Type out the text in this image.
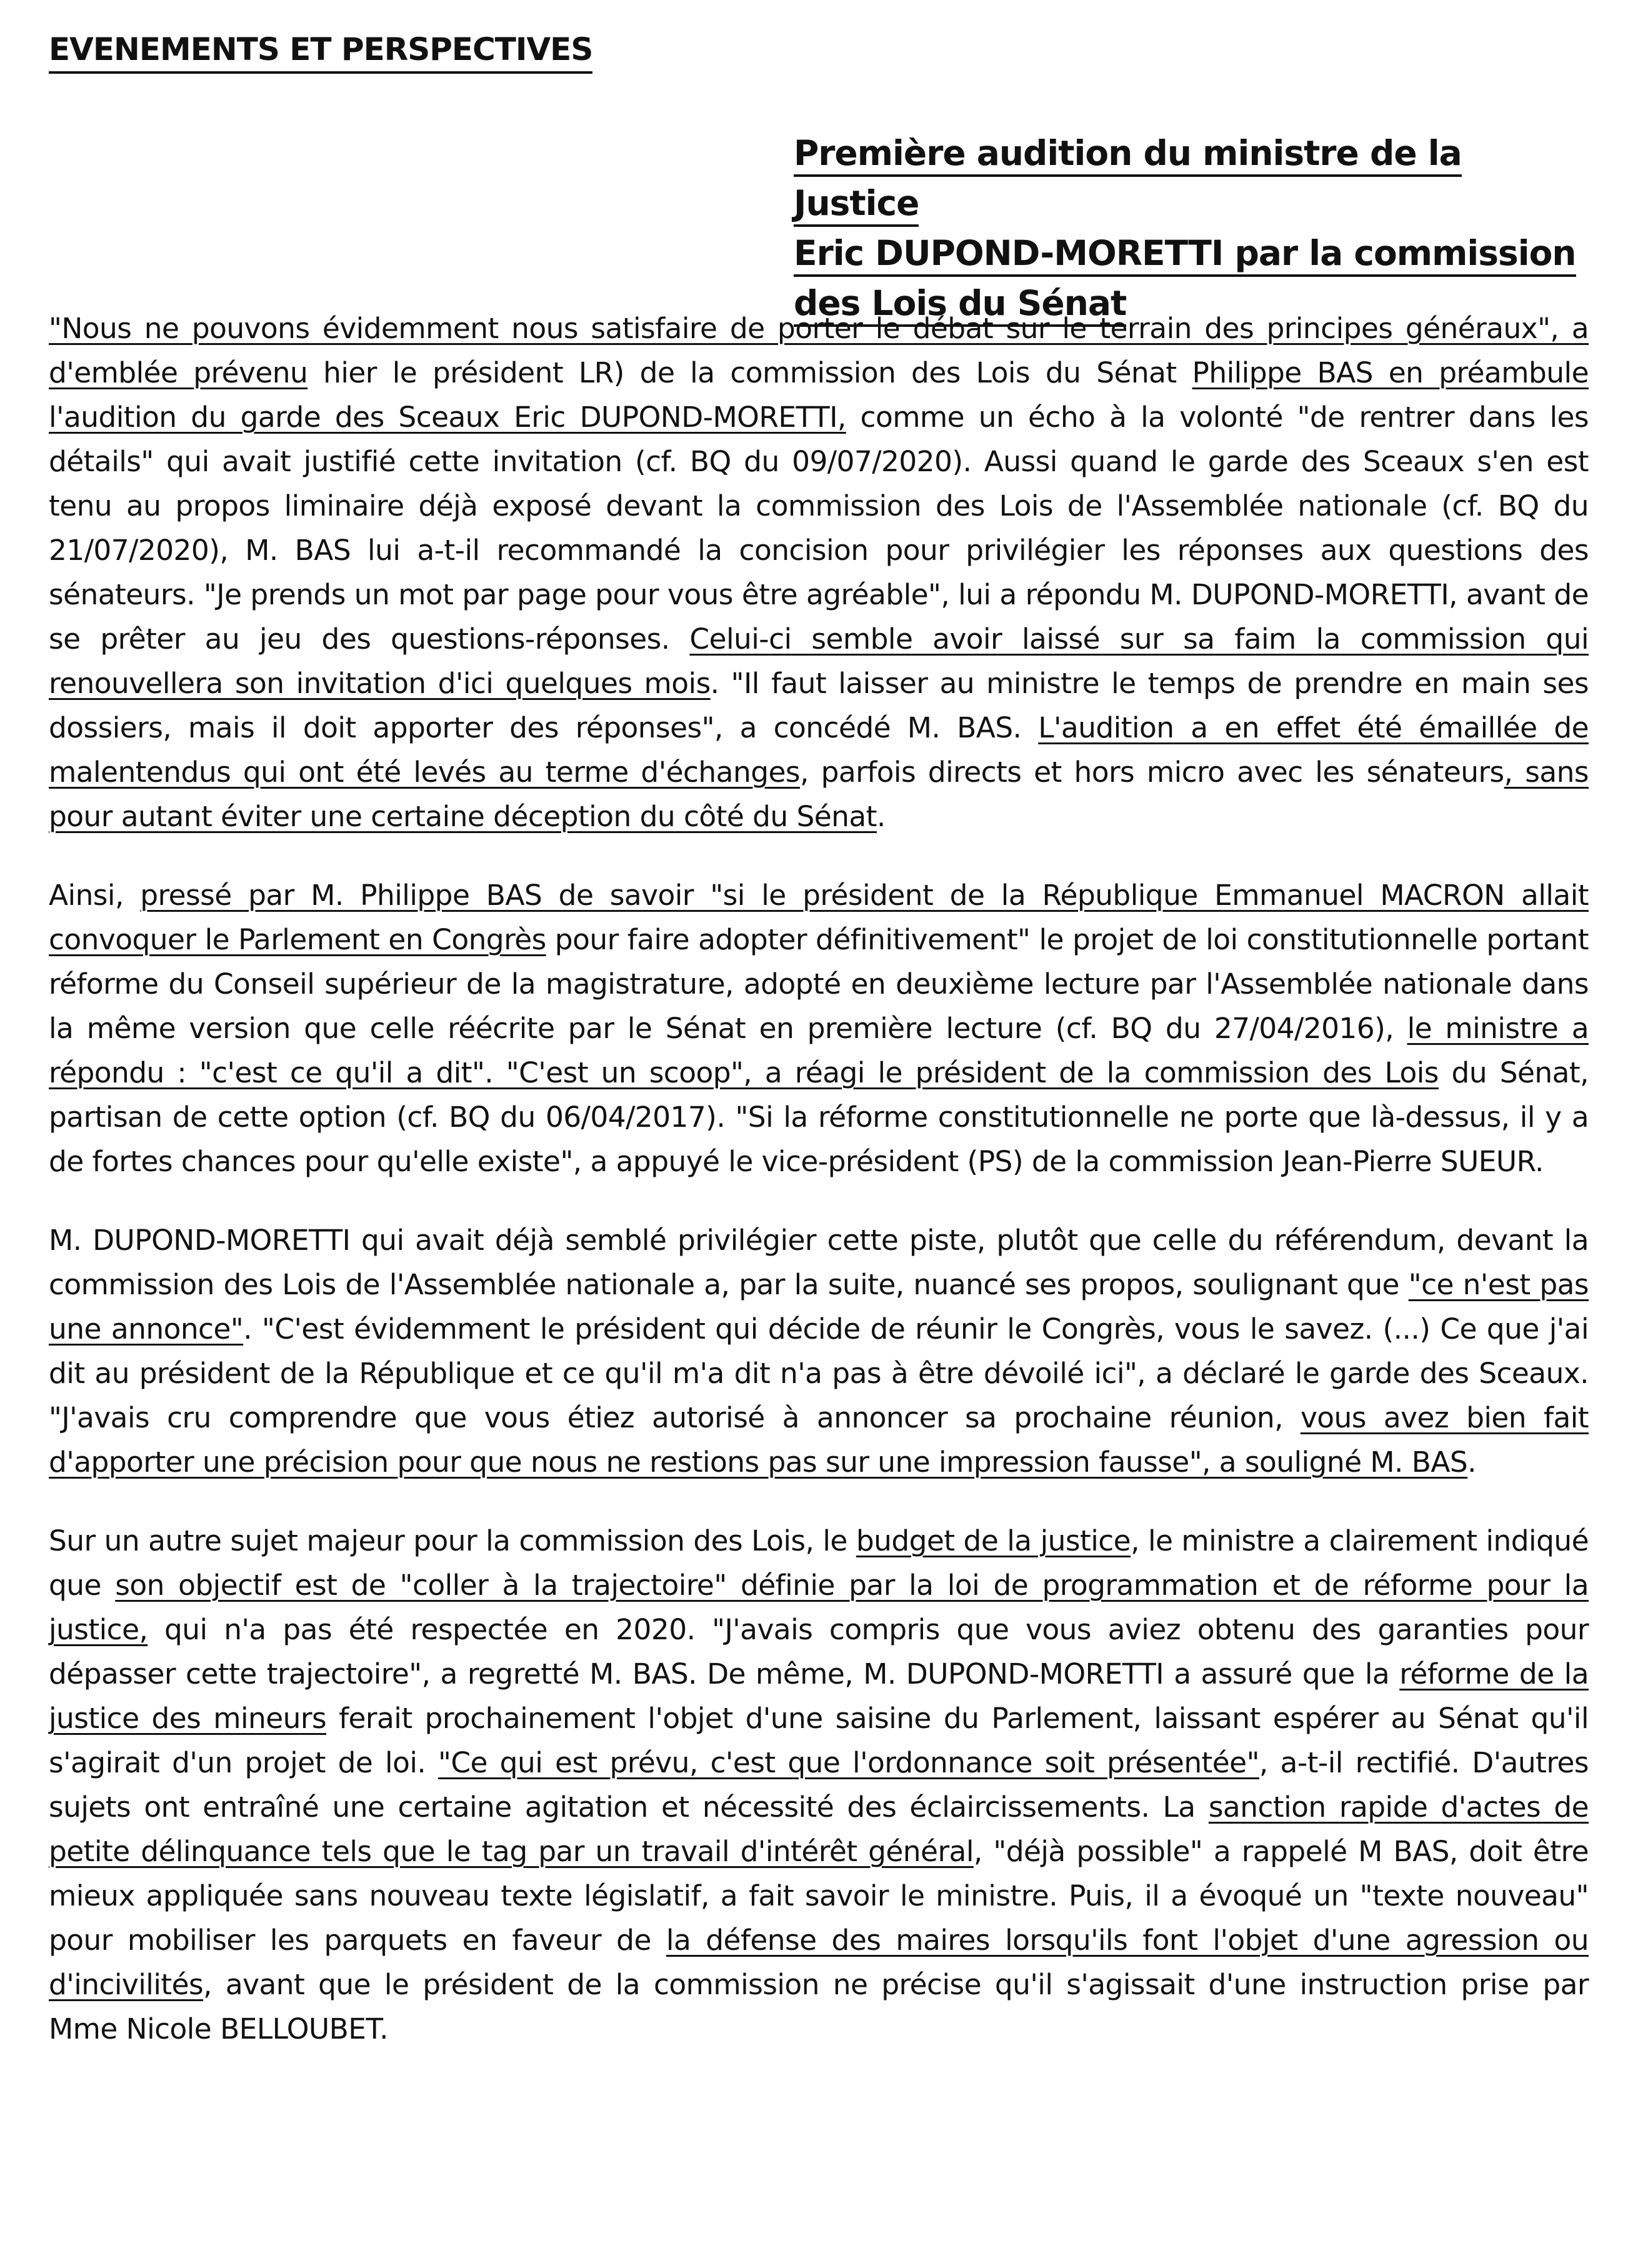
EVENEMENTS ET PERSPECTIVES
Première audition du ministre de la Justice
Eric DUPOND-MORETTI par la commission
des Lois du Sénat

"Nous ne pouvons évidemment nous satisfaire de porter le débat sur le terrain des principes généraux", a d'emblée prévenu hier le président LR) de la commission des Lois du Sénat Philippe BAS en préambule l'audition du garde des Sceaux Eric DUPOND-MORETTI, comme un écho à la volonté "de rentrer dans les détails" qui avait justifié cette invitation (cf. BQ du 09/07/2020). Aussi quand le garde des Sceaux s'en est tenu au propos liminaire déjà exposé devant la commission des Lois de l'Assemblée nationale (cf. BQ du 21/07/2020), M. BAS lui a-t-il recommandé la concision pour privilégier les réponses aux questions des sénateurs. "Je prends un mot par page pour vous être agréable", lui a répondu M. DUPOND-MORETTI, avant de se prêter au jeu des questions-réponses. Celui-ci semble avoir laissé sur sa faim la commission qui renouvellera son invitation d'ici quelques mois. "Il faut laisser au ministre le temps de prendre en main ses dossiers, mais il doit apporter des réponses", a concédé M. BAS. L'audition a en effet été émaillée de malentendus qui ont été levés au terme d'échanges, parfois directs et hors micro avec les sénateurs, sans pour autant éviter une certaine déception du côté du Sénat.

Ainsi, pressé par M. Philippe BAS de savoir "si le président de la République Emmanuel MACRON allait convoquer le Parlement en Congrès pour faire adopter définitivement" le projet de loi constitutionnelle portant réforme du Conseil supérieur de la magistrature, adopté en deuxième lecture par l'Assemblée nationale dans la même version que celle réécrite par le Sénat en première lecture (cf. BQ du 27/04/2016), le ministre a répondu : "c'est ce qu'il a dit". "C'est un scoop", a réagi le président de la commission des Lois du Sénat, partisan de cette option (cf. BQ du 06/04/2017). "Si la réforme constitutionnelle ne porte que là-dessus, il y a de fortes chances pour qu'elle existe", a appuyé le vice-président (PS) de la commission Jean-Pierre SUEUR.

M. DUPOND-MORETTI qui avait déjà semblé privilégier cette piste, plutôt que celle du référendum, devant la commission des Lois de l'Assemblée nationale a, par la suite, nuancé ses propos, soulignant que "ce n'est pas une annonce". "C'est évidemment le président qui décide de réunir le Congrès, vous le savez. (...) Ce que j'ai dit au président de la République et ce qu'il m'a dit n'a pas à être dévoilé ici", a déclaré le garde des Sceaux. "J'avais cru comprendre que vous étiez autorisé à annoncer sa prochaine réunion, vous avez bien fait d'apporter une précision pour que nous ne restions pas sur une impression fausse", a souligné M. BAS.

Sur un autre sujet majeur pour la commission des Lois, le budget de la justice, le ministre a clairement indiqué que son objectif est de "coller à la trajectoire" définie par la loi de programmation et de réforme pour la justice, qui n'a pas été respectée en 2020. "J'avais compris que vous aviez obtenu des garanties pour dépasser cette trajectoire", a regretté M. BAS. De même, M. DUPOND-MORETTI a assuré que la réforme de la justice des mineurs ferait prochainement l'objet d'une saisine du Parlement, laissant espérer au Sénat qu'il s'agirait d'un projet de loi. "Ce qui est prévu, c'est que l'ordonnance soit présentée", a-t-il rectifié. D'autres sujets ont entraîné une certaine agitation et nécessité des éclaircissements. La sanction rapide d'actes de petite délinquance tels que le tag par un travail d'intérêt général, "déjà possible" a rappelé M BAS, doit être mieux appliquée sans nouveau texte législatif, a fait savoir le ministre. Puis, il a évoqué un "texte nouveau" pour mobiliser les parquets en faveur de la défense des maires lorsqu'ils font l'objet d'une agression ou d'incivilités, avant que le président de la commission ne précise qu'il s'agissait d'une instruction prise par Mme Nicole BELLOUBET.
